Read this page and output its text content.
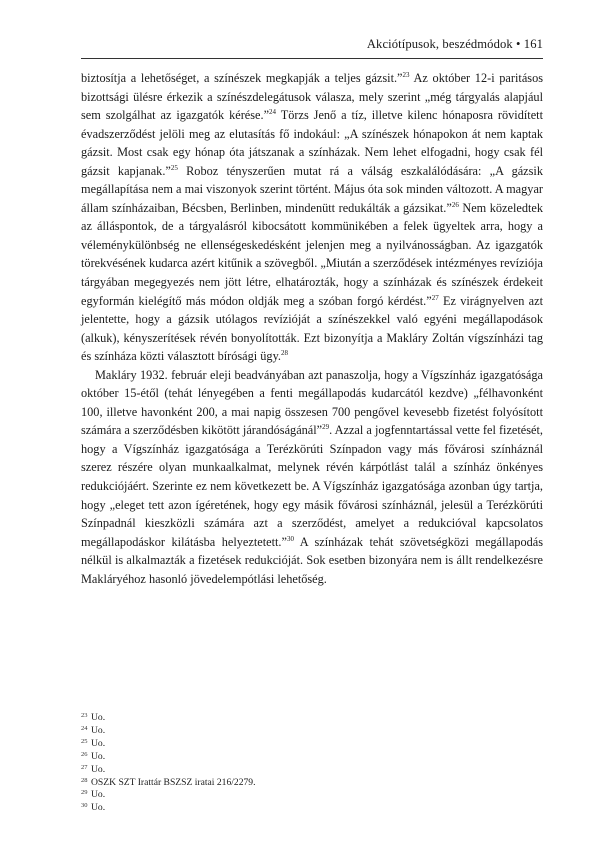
Akciótípusok, beszédmódok • 161

biztosítja a lehetőséget, a színészek megkapják a teljes gázsit.”$^{23}$ Az október 12-i paritásos bizottsági ülésre érkezik a színészdelegátusok válasza, mely szerint „még tárgyalás alapjául sem szolgálhat az igazgatók kérése.”$^{24}$ Törzs Jenő a tíz, illetve kilenc hónaposra rövidített évadszerződést jelöli meg az elutasítás fő indokául: „A színészek hónapokon át nem kaptak gázsit. Most csak egy hónap óta játszanak a színházak. Nem lehet elfogadni, hogy csak fél gázsit kapjanak.”$^{25}$ Roboz tényszerűen mutat rá a válság eszkalálódására: „A gázsik megállapítása nem a mai viszonyok szerint történt. Május óta sok minden változott. A magyar állam színházaiban, Bécsben, Berlinben, mindenütt redukálták a gázsikat.”$^{26}$ Nem közeledtek az álláspontok, de a tárgyalásról kibocsátott kommünikében a felek ügyeltek arra, hogy a véleménykülönbség ne ellenségeskedésként jelenjen meg a nyilvánosságban. Az igazgatók törekvésének kudarca azért kitűnik a szövegből. „Miután a szerződések intézményes revíziója tárgyában megegyezés nem jött létre, elhatározták, hogy a színházak és színészek érdekeit egyformán kielégítő más módon oldják meg a szóban forgó kérdést.”$^{27}$ Ez virágnyelven azt jelentette, hogy a gázsik utólagos revízióját a színészekkel való egyéni megállapodások (alkuk), kényszerítések révén bonyolították. Ezt bizonyítja a Makláry Zoltán vígszínházi tag és színháza közti választott bírósági ügy.$^{28}$

Makláry 1932. február eleji beadványában azt panaszolja, hogy a Vígszínház igazgatósága október 15-étől (tehát lényegében a fenti megállapodás kudarcától kezdve) „félhavonként 100, illetve havonként 200, a mai napig összesen 700 pengővel kevesebb fizetést folyósított számára a szerződésben kikötött járandóságánál”$^{29}$. Azzal a jogfenntartással vette fel fizetését, hogy a Vígszínház igazgatósága a Terézkörúti Színpadon vagy más fővárosi színháznál szerez részére olyan munkaalkalmat, melynek révén kárpótlást talál a színház önkényes redukciójáért. Szerinte ez nem következett be. A Vígszínház igazgatósága azonban úgy tartja, hogy „eleget tett azon ígéretének, hogy egy másik fővárosi színháznál, jelesül a Terézkörúti Színpadnál kieszközli számára azt a szerződést, amelyet a redukcióval kapcsolatos megállapodáskor kilátásba helyeztetett.”$^{30}$ A színházak tehát szövetségközi megállapodás nélkül is alkalmazták a fizetések redukcióját. Sok esetben bizonyára nem is állt rendelkezésre Makláryéhoz hasonló jövedelempótlási lehetőség.

23 Uo.
24 Uo.
25 Uo.
26 Uo.
27 Uo.
28 OSZK SZT Irattár BSZSZ iratai 216/2279.
29 Uo.
30 Uo.
